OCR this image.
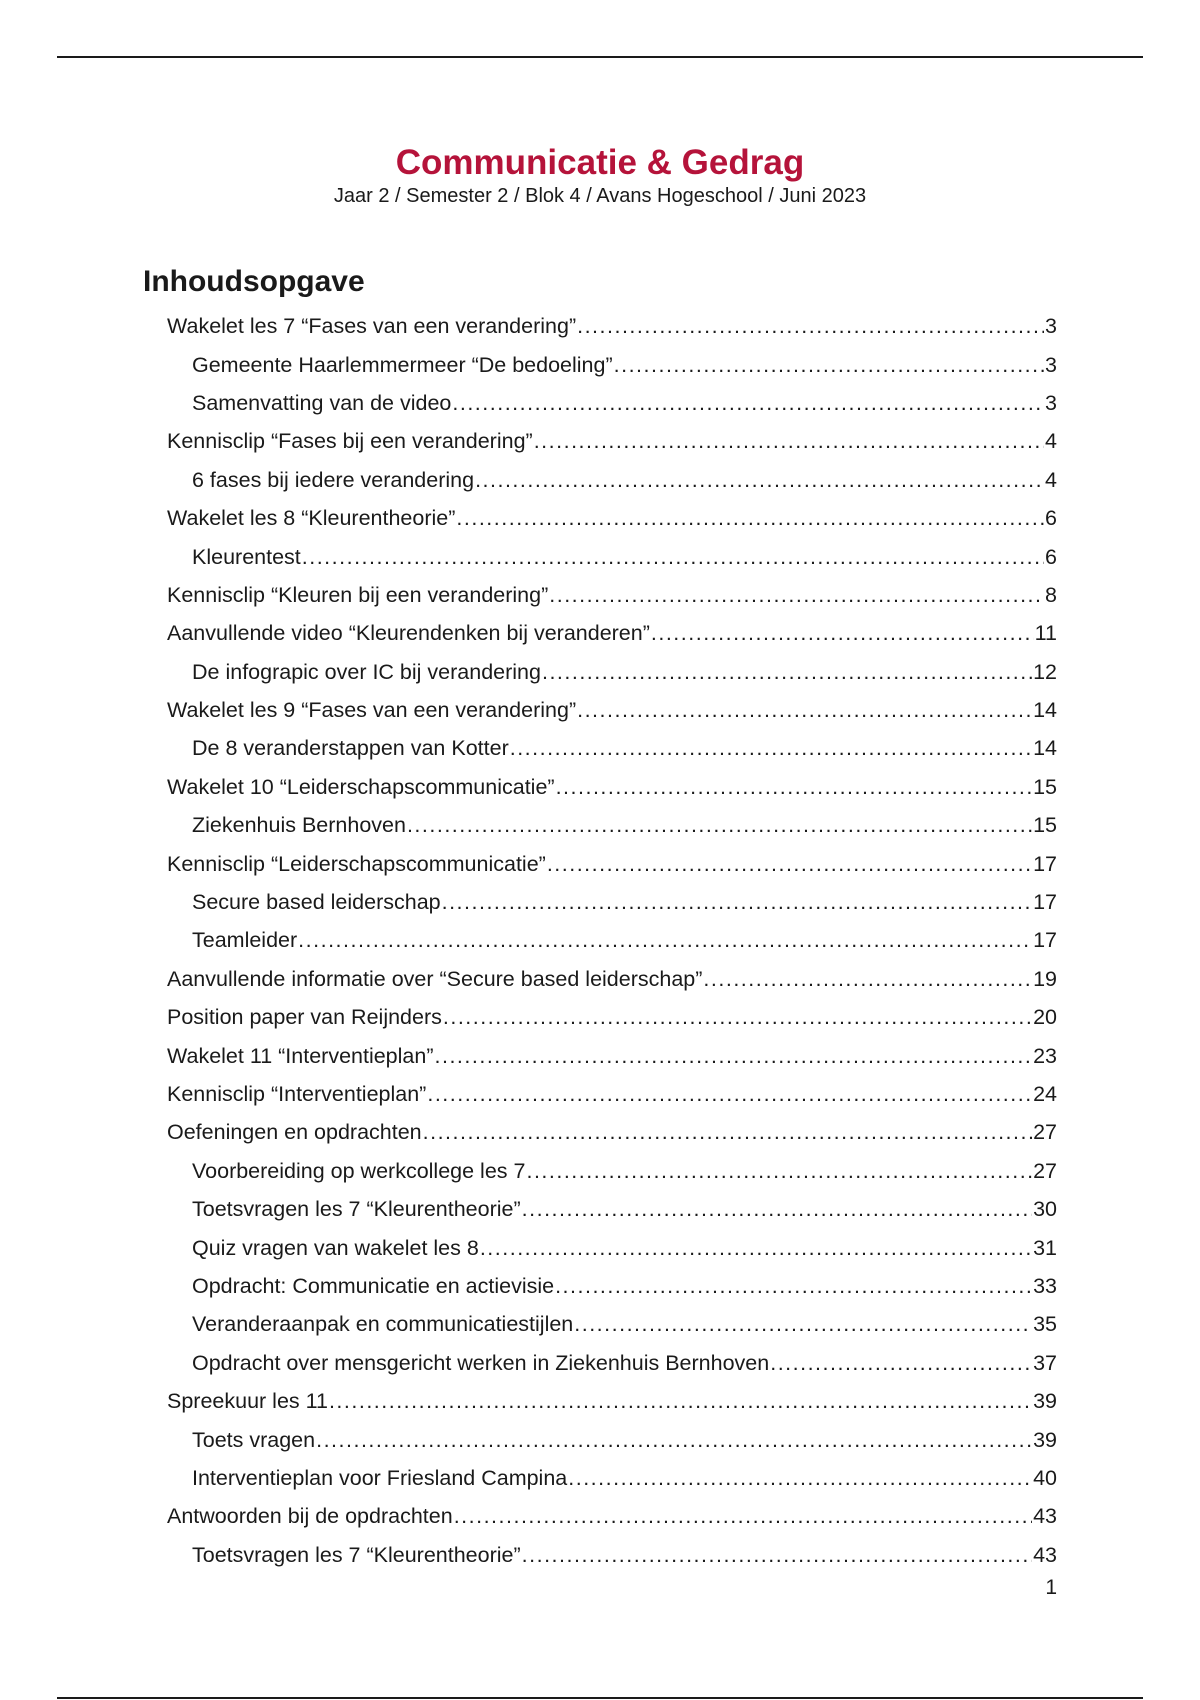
Communicatie & Gedrag

Jaar 2 / Semester 2 / Blok 4 / Avans Hogeschool / Juni 2023

Inhoudsopgave
Wakelet les 7 “Fases van een verandering” .....	3
Gemeente Haarlemmermeer “De bedoeling” .....	3
Samenvatting van de video .....	3
Kennisclip “Fases bij een verandering” .....	4
6 fases bij iedere verandering .....	4
Wakelet les 8 “Kleurentheorie” .....	6
Kleurentest .....	6
Kennisclip “Kleuren bij een verandering” .....	8
Aanvullende video “Kleurendenken bij veranderen” .....	11
De infograpic over IC bij verandering .....	12
Wakelet les 9 “Fases van een verandering” .....	14
De 8 veranderstappen van Kotter .....	14
Wakelet 10 “Leiderschapscommunicatie” .....	15
Ziekenhuis Bernhoven .....	15
Kennisclip “Leiderschapscommunicatie” .....	17
Secure based leiderschap .....	17
Teamleider .....	17
Aanvullende informatie over “Secure based leiderschap” .....	19
Position paper van Reijnders .....	20
Wakelet 11 “Interventieplan” .....	23
Kennisclip “Interventieplan” .....	24
Oefeningen en opdrachten .....	27
Voorbereiding op werkcollege les 7 .....	27
Toetsvragen les 7 “Kleurentheorie” .....	30
Quiz vragen van wakelet les 8 .....	31
Opdracht: Communicatie en actievisie .....	33
Veranderaanpak en communicatiestijlen .....	35
Opdracht over mensgericht werken in Ziekenhuis Bernhoven .....	37
Spreekuur les 11 .....	39
Toets vragen .....	39
Interventieplan voor Friesland Campina .....	40
Antwoorden bij de opdrachten .....	43
Toetsvragen les 7 “Kleurentheorie” .....	43
1
